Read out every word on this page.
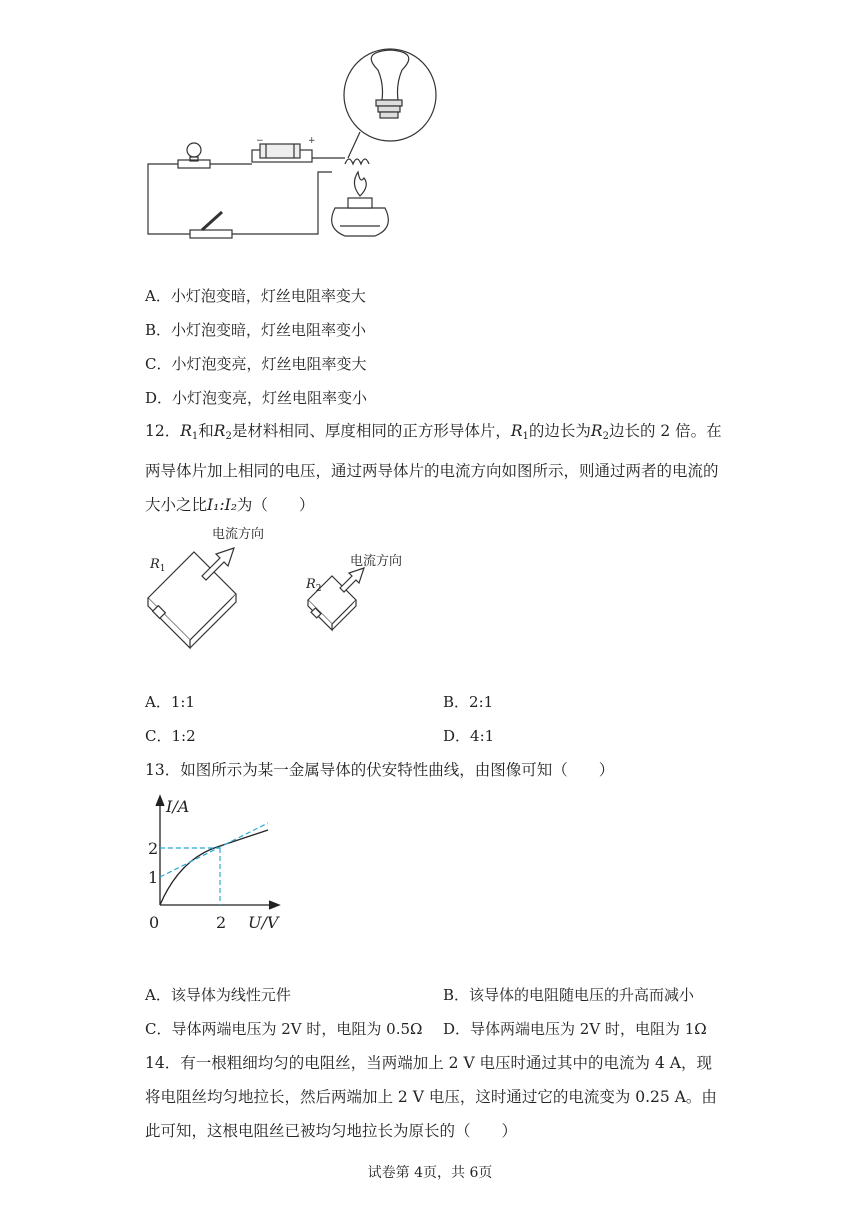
−	+
A．小灯泡变暗，灯丝电阻率变大
B．小灯泡变暗，灯丝电阻率变小
C．小灯泡变亮，灯丝电阻率变大
D．小灯泡变亮，灯丝电阻率变小
12．$R_1$和$R_2$是材料相同、厚度相同的正方形导体片，$R_1$的边长为$R_2$边长的 2 倍。在两导体片加上相同的电压，通过两导体片的电流方向如图所示，则通过两者的电流的大小之比I₁:I₂为（　　）
电流方向
电流方向
$R_1$
$R_2$
A．1:1	B．2:1
C．1:2	D．4:1
13．如图所示为某一金属导体的伏安特性曲线，由图像可知（　　）
I/A
U/V
2
1
0	2
A．该导体为线性元件	B．该导体的电阻随电压的升高而减小
C．导体两端电压为 2V 时，电阻为 0.5Ω D．导体两端电压为 2V 时，电阻为 1Ω
14．有一根粗细均匀的电阻丝，当两端加上 2 V 电压时通过其中的电流为 4 A，现将电阻丝均匀地拉长，然后两端加上 2 V 电压，这时通过它的电流变为 0.25 A。由此可知，这根电阻丝已被均匀地拉长为原长的（　　）
试卷第 4页，共 6页
